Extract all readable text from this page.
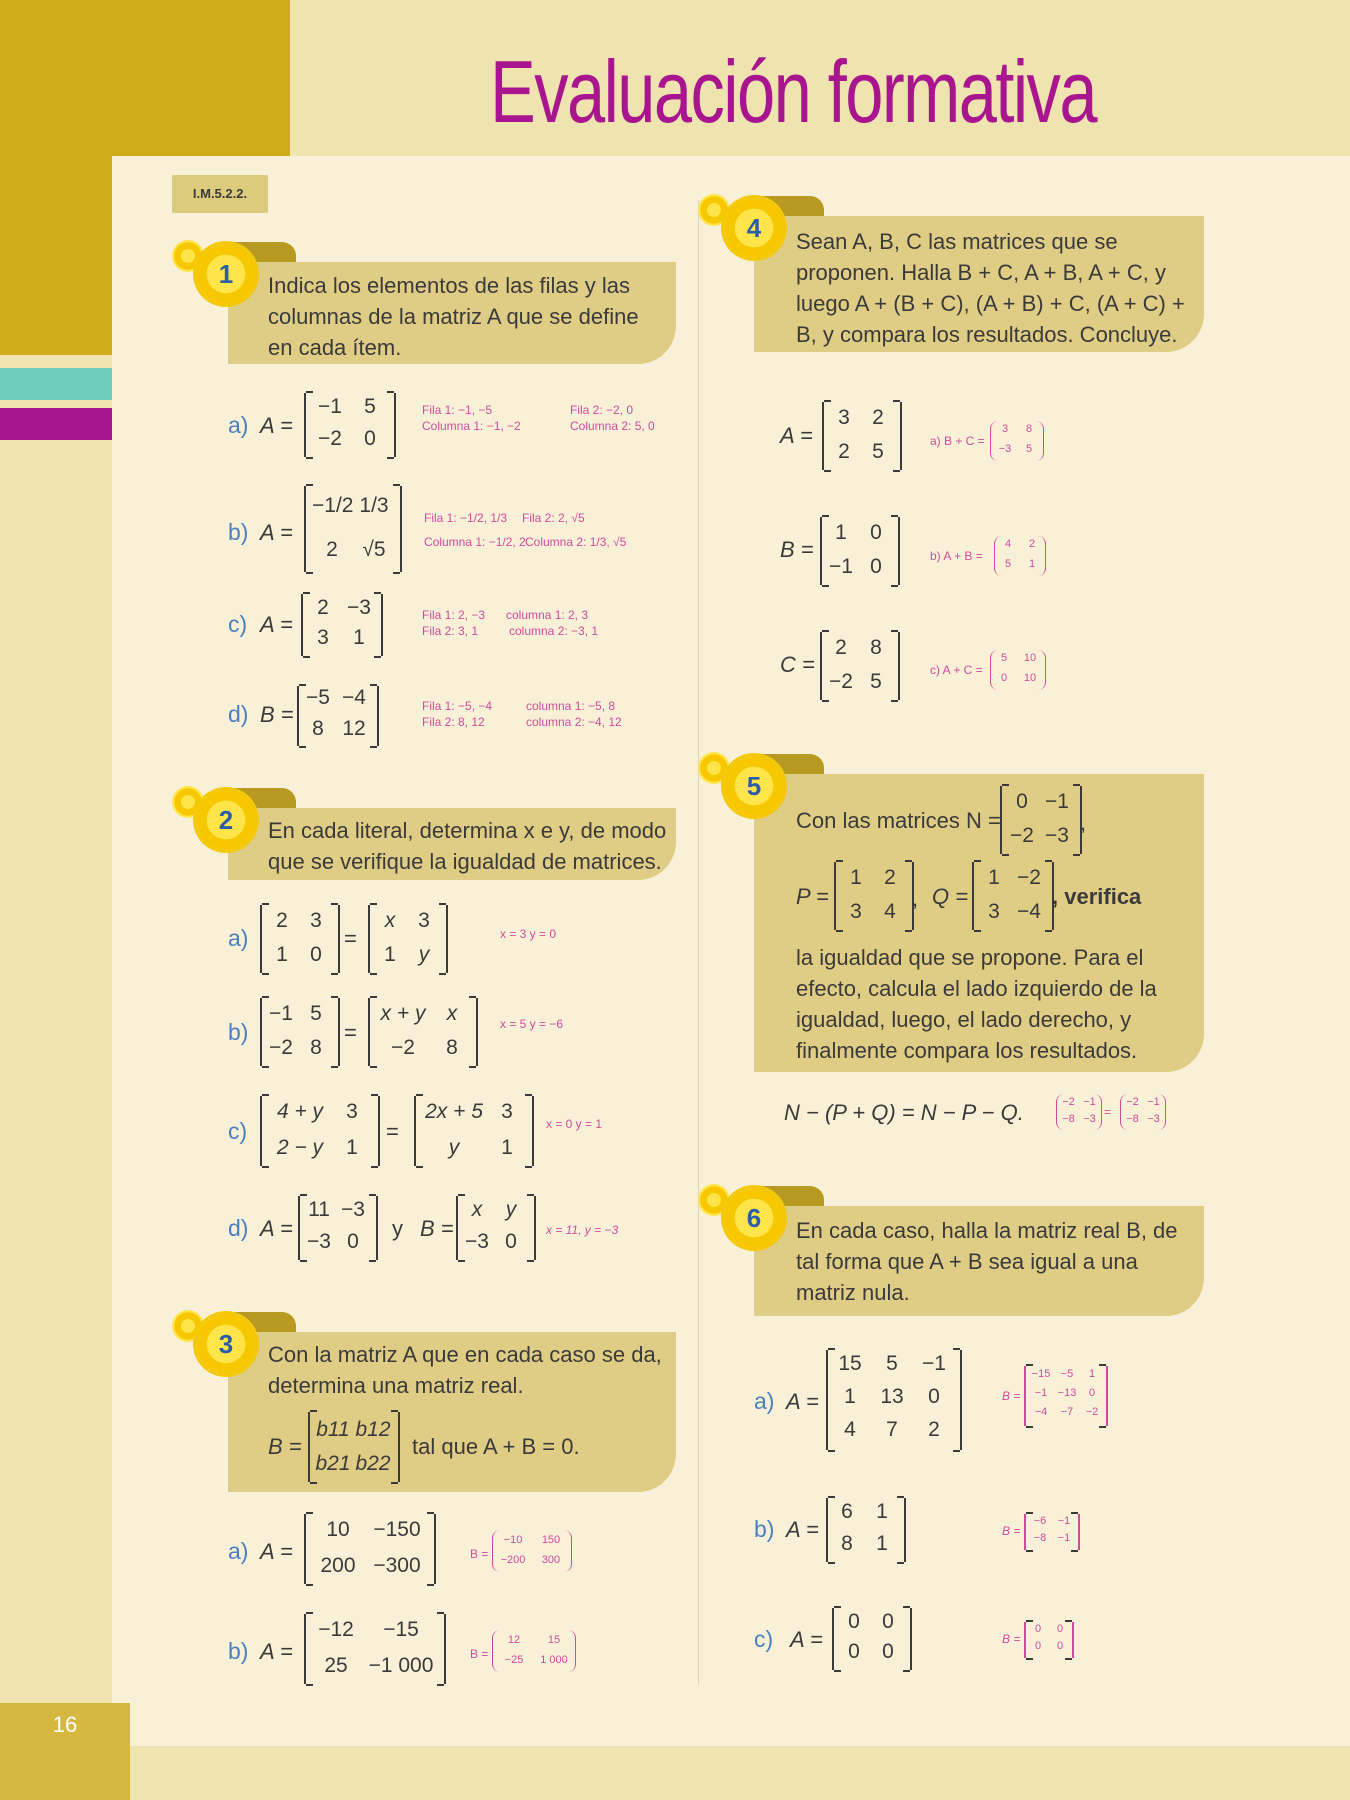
16
Evaluación formativa
I.M.5.2.2.
1	Indica los elementos de las filas y las columnas de la matriz A que se define en cada ítem.
a) A =
−1	5
−2	0
Fila 1: −1, −5
Columna 1: −1, −2
Fila 2: −2, 0
Columna 2: 5, 0
b) A =
−1/2 1/3
2	√5
Fila 1: −1/2, 1/3
Columna 1: −1/2, 2
Fila 2: 2, √5
Columna 2: 1/3, √5
c) A =
2 −3
3	1
Fila 1: 2, −3
Fila 2: 3, 1
columna 1: 2, 3
columna 2: −3, 1
d) B =
−5 −4
8 12
Fila 1: −5, −4
Fila 2: 8, 12
columna 1: −5, 8
columna 2: −4, 12
2	En cada literal, determina x e y, de modo que se verifique la igualdad de matrices.
a)
2	3
1	0
=
x	3
1	y
x = 3 y = 0
b)
−1 5
−2 8
=
x + y	x
−2	8
x = 5 y = −6
c)
4 + y	3
2 − y	1
=
2x + 5 3
y	1
x = 0 y = 1
d) A =
11 −3
−3 0
y B =
x	y
−3 0	x = 11, y = −3
3	Con la matriz A que en cada caso se da, determina una matriz real.
B =
b11 b12
b21 b22
tal que A + B = 0.
a) A =
10	−150
200 −300	B =
−10	150
−200	300
b) A =
−12	−15
25 −1 000	B =
12	15
−25	1 000
4	Sean A, B, C las matrices que se proponen. Halla B + C, A + B, A + C, y luego A + (B + C), (A + B) + C, (A + C) + B, y compara los resultados. Concluye.
A =
3	2
2	5	a) B + C =
3	8
−3	5
B =
1	0
−1 0	b) A + B =
4	2
5	1
C =
2	8
−2 5	c) A + C =
5	10
0	10
5
Con las matrices N =
0 −1
−2 −3
,
P =
1	2
3	4
, Q =
1 −2
3 −4
, verifica
la igualdad que se propone. Para el efecto, calcula el lado izquierdo de la igualdad, luego, el lado derecho, y finalmente compara los resultados.
N − (P + Q) = N − P − Q.	−2 −1
−8 −3 =
−2 −1
−8 −3
6	En cada caso, halla la matriz real B, de tal forma que A + B sea igual a una matriz nula.
a) A =
15	5	−1
1	13	0
4	7	2
B =
−15 −5	1
−1 −13	0
−4	−7	−2
b) A =
6	1
8	1
B =
−6	−1
−8	−1
c) A =
0	0
0	0
B =
0	0
0	0
